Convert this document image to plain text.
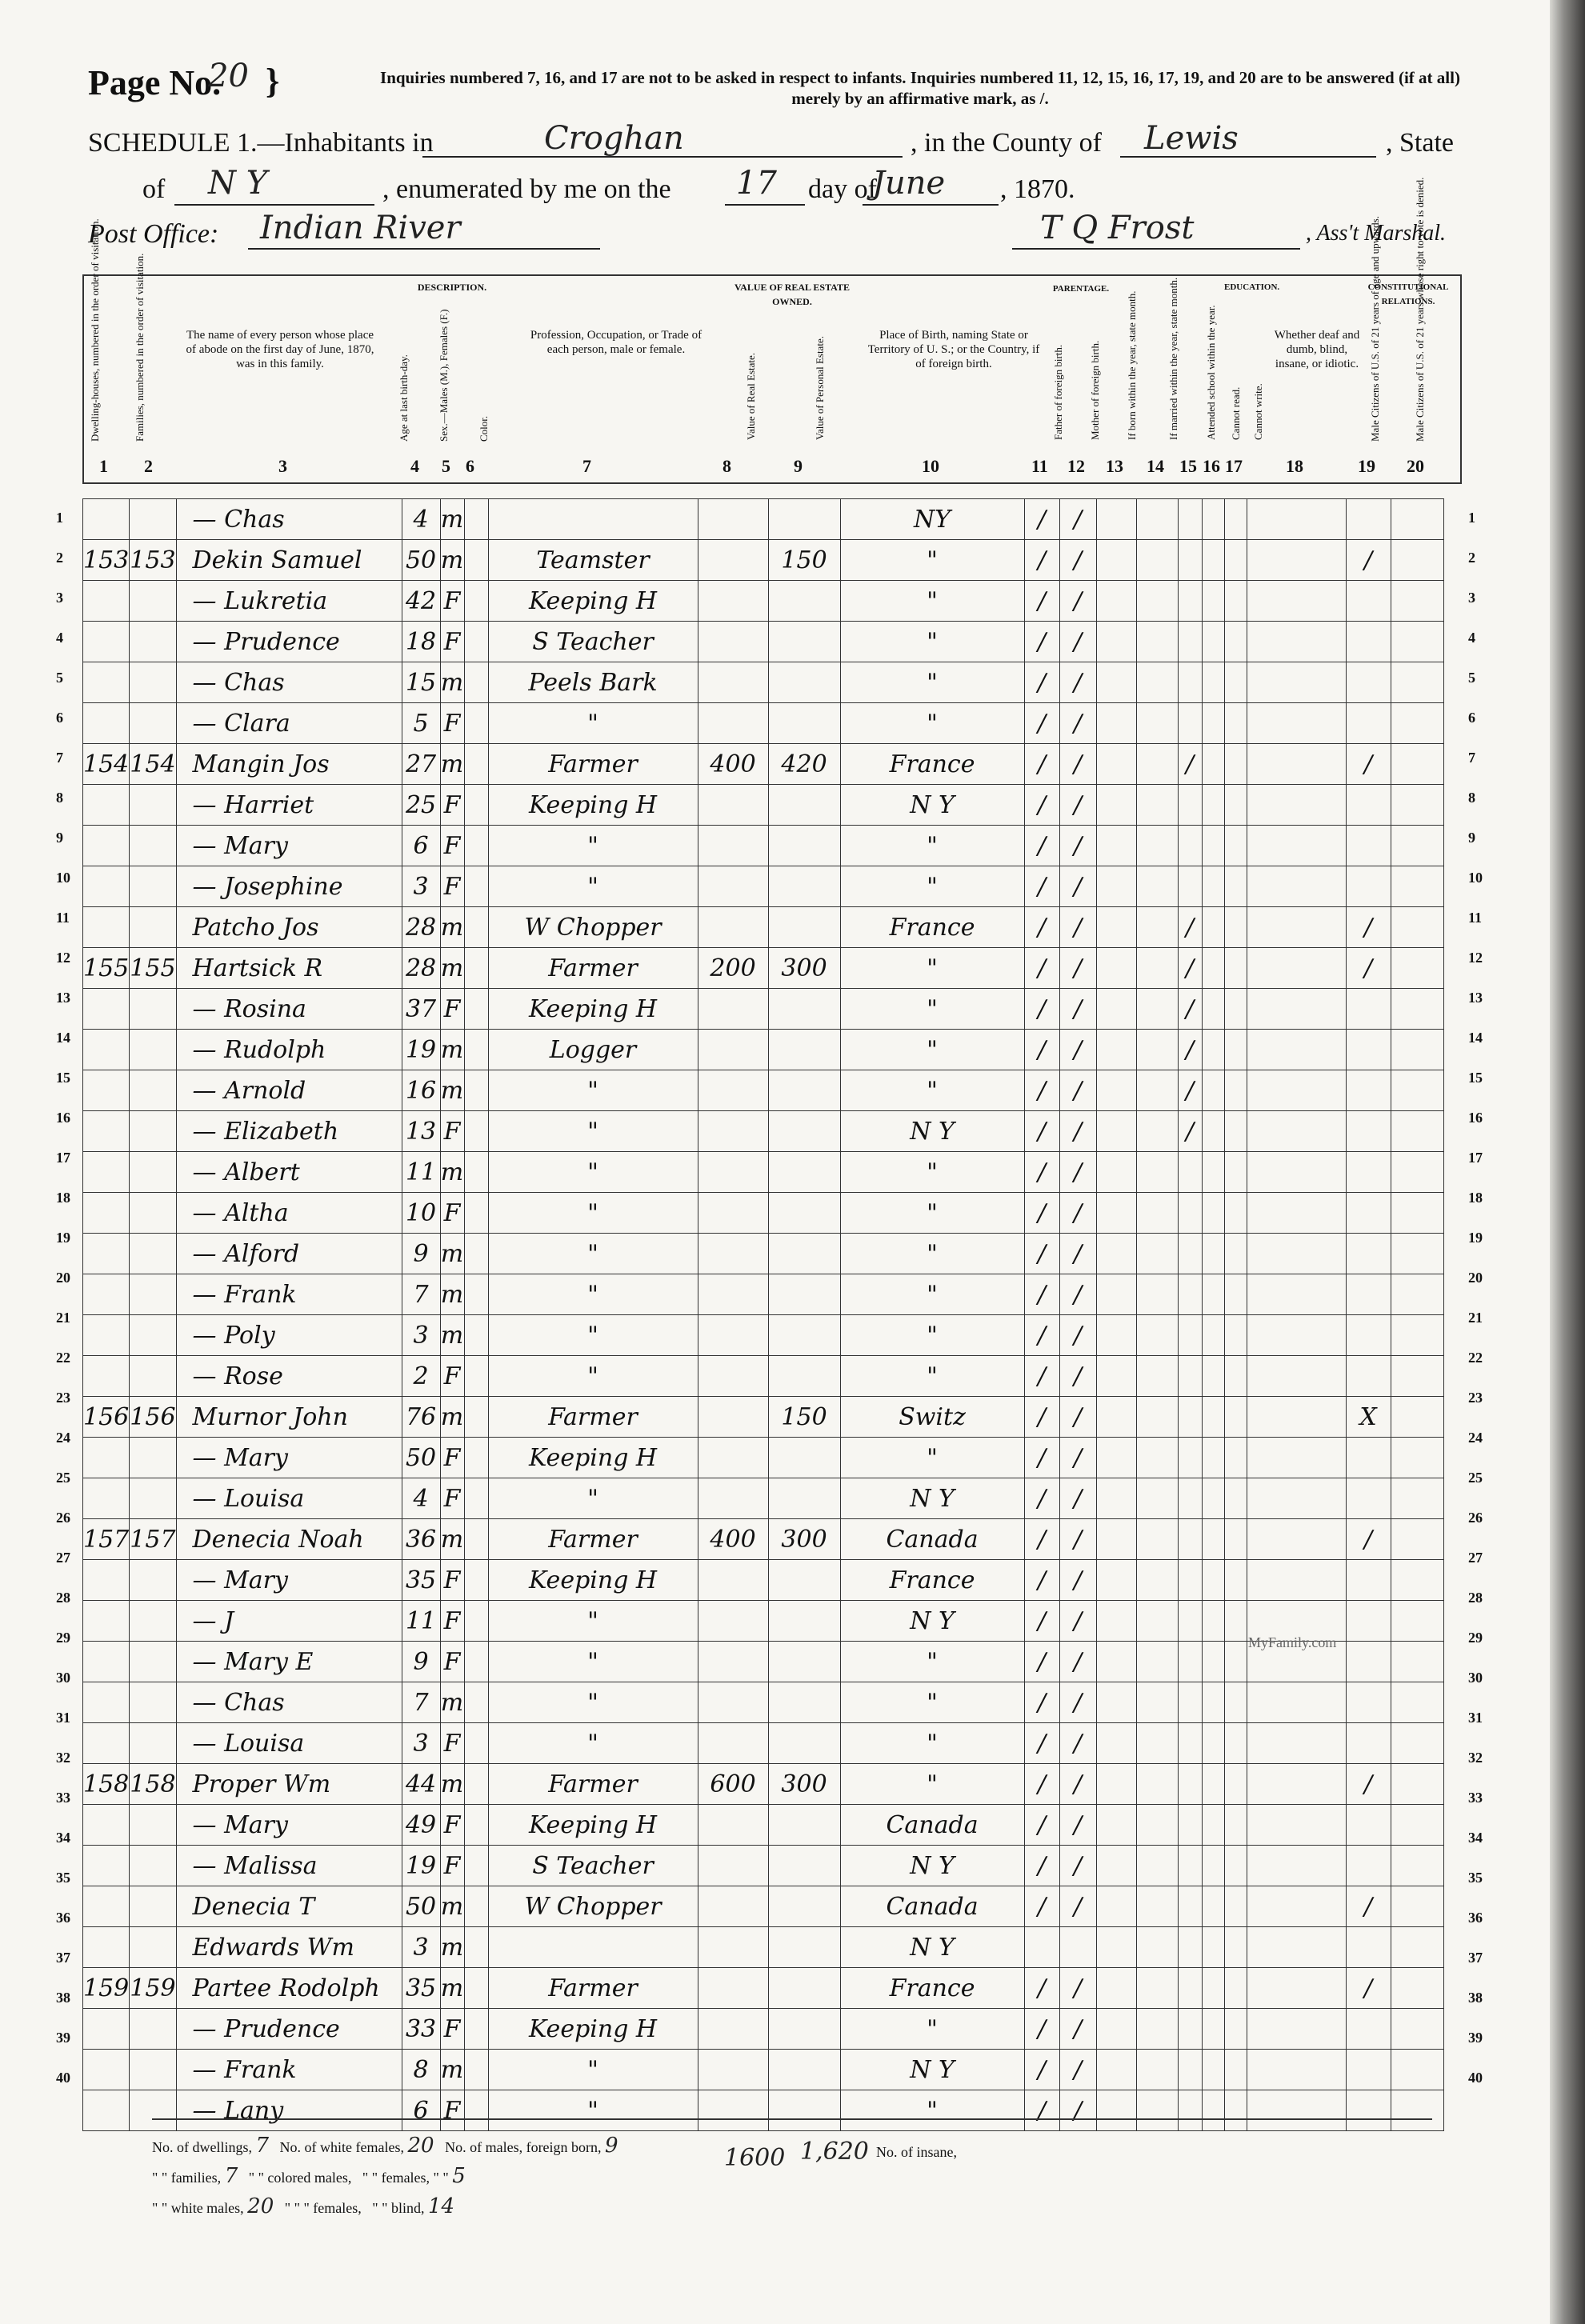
Page No.
20 }	Inquiries numbered 7, 16, and 17 are not to be asked in respect to infants. Inquiries numbered 11, 12, 15, 16, 17, 19, and 20 are to be answered (if at all)
merely by an affirmative mark, as /.
SCHEDULE 1.—Inhabitants in	Croghan	, in the County of Lewis	, State
of N Y	, enumerated by me on the 17 day of
June , 1870.
Post Office: Indian River	T Q Frost	, Ass't Marshal.
Dwelling-houses, numbered in the order of visitation.	Families, numbered in the order of visitation.	The name of every person whose place of abode on the first day of June, 1870, was in this family.
DESCRIPTION.
Age at last birth-day.	Sex.—Males (M.), Females (F.)	Color.
Profession, Occupation, or Trade of each person, male or female.
VALUE OF REAL ESTATE OWNED.
Value of Real Estate.	Value of Personal Estate.
Place of Birth, naming State or Territory of U. S.; or the Country, if of foreign birth.
PARENTAGE.
Father of foreign birth. Mother of foreign birth. If born within the year, state month.	If married within the year, state month. Attended school within the year.
EDUCATION.
Cannot read. Cannot write.
Whether deaf and dumb, blind, insane, or idiotic.
CONSTITUTIONAL RELATIONS.
Male Citizens of U.S. of 21 years of age and upwards.	Male Citizens of U.S. of 21 years whose right to vote is denied.
1 2	3	4 5 6	7	8	9	10	11 12 13 14 15 16 17 18	19 20
		— Chas	4	m					NY	/	/								
153	153	Dekin Samuel	50	m		Teamster		150	"	/	/							/	
		— Lukretia	42	F		Keeping H			"	/	/								
		— Prudence	18	F		S Teacher			"	/	/								
		— Chas	15	m		Peels Bark			"	/	/								
		— Clara	5	F		"			"	/	/								
154	154	Mangin Jos	27	m		Farmer	400	420	France	/	/			/				/	
		— Harriet	25	F		Keeping H			N Y	/	/								
		— Mary	6	F		"			"	/	/								
		— Josephine	3	F		"			"	/	/								
		Patcho Jos	28	m		W Chopper			France	/	/			/				/	
155	155	Hartsick R	28	m		Farmer	200	300	"	/	/			/				/	
		— Rosina	37	F		Keeping H			"	/	/			/					
		— Rudolph	19	m		Logger			"	/	/			/					
		— Arnold	16	m		"			"	/	/			/					
		— Elizabeth	13	F		"			N Y	/	/			/					
		— Albert	11	m		"			"	/	/								
		— Altha	10	F		"			"	/	/								
		— Alford	9	m		"			"	/	/								
		— Frank	7	m		"			"	/	/								
		— Poly	3	m		"			"	/	/								
		— Rose	2	F		"			"	/	/								
156	156	Murnor John	76	m		Farmer		150	Switz	/	/							X	
		— Mary	50	F		Keeping H			"	/	/								
		— Louisa	4	F		"			N Y	/	/								
157	157	Denecia Noah	36	m		Farmer	400	300	Canada	/	/							/	
		— Mary	35	F		Keeping H			France	/	/								
		— J	11	F		"			N Y	/	/								
		— Mary E	9	F		"			"	/	/								
		— Chas	7	m		"			"	/	/								
		— Louisa	3	F		"			"	/	/								
158	158	Proper Wm	44	m		Farmer	600	300	"	/	/							/	
		— Mary	49	F		Keeping H			Canada	/	/								
		— Malissa	19	F		S Teacher			N Y	/	/								
		Denecia T	50	m		W Chopper			Canada	/	/							/	
		Edwards Wm	3	m					N Y										
159	159	Partee Rodolph	35	m		Farmer			France	/	/							/	
		— Prudence	33	F		Keeping H			"	/	/								
		— Frank	8	m		"			N Y	/	/								
		— Lany	6	F		"			"	/	/								
1
2
3
4
5
6
7
8
9
10
11
12
13
14
15
16
17
18
19
20
21
22
23
24
25
26
27
28
29
30
31
32
33
34
35
36
37
38
39
40
1
2
3
4
5
6
7
8
9
10
11
12
13
14
15
16
17
18
19
20
21
22
23
24
25
26
27
28
29
30
31
32
33
34
35
36
37
38
39
40
No. of dwellings, 7 No. of white females, 20 No. of males, foreign born, 9
" " families, 7 " " colored males, " " females, " " 5
" " white males, 20 " " " females, " " blind, 14
1600 1,620 No. of insane,
MyFamily.com
